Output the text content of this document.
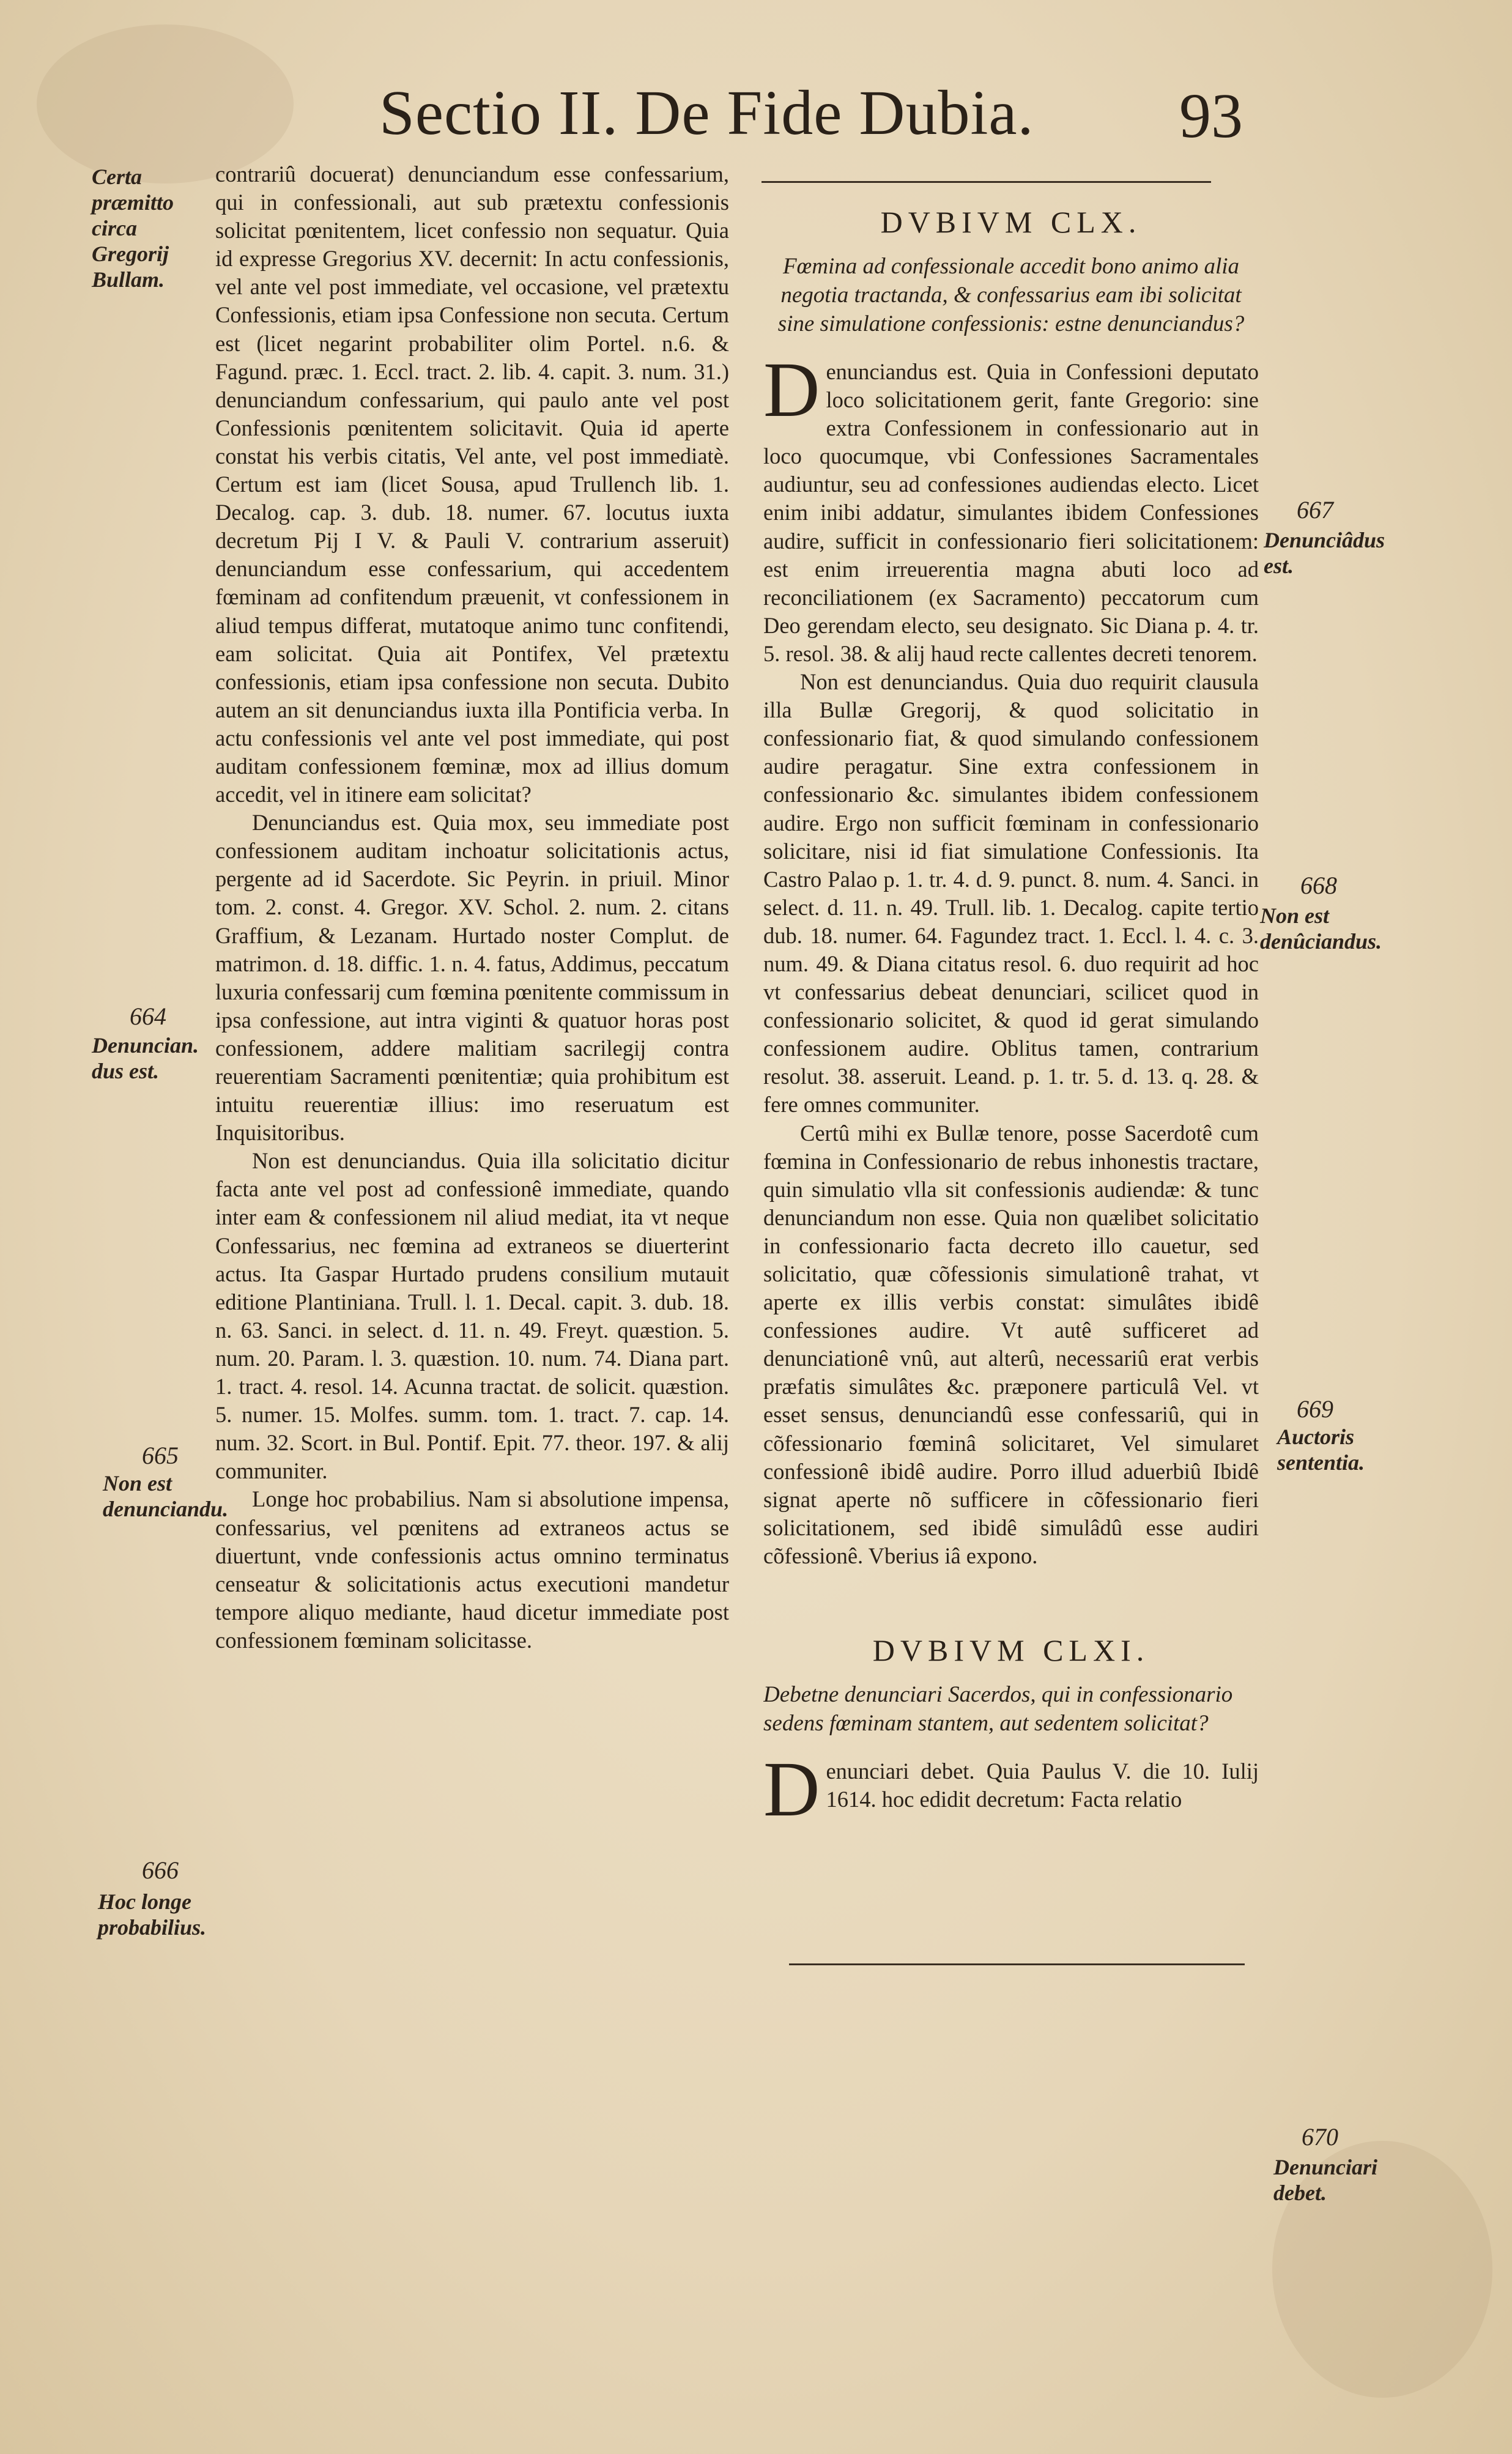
Sectio II. De Fide Dubia.	93
Certa præmitto circa Gregorij Bullam.
664
Denuncian. dus est.
665
Non est denunciandu.
666
Hoc longe probabilius.

contrariû docuerat) denunciandum esse confessarium, qui in confessionali, aut sub prætextu confessionis solicitat pœnitentem, licet confessio non sequatur. Quia id expresse Gregorius XV. decernit: In actu confessionis, vel ante vel post immediate, vel occasione, vel prætextu Confessionis, etiam ipsa Confessione non secuta. Certum est (licet negarint probabiliter olim Portel. n.6. & Fagund. præc. 1. Eccl. tract. 2. lib. 4. capit. 3. num. 31.) denunciandum confessarium, qui paulo ante vel post Confessionis pœnitentem solicitavit. Quia id aperte constat his verbis citatis, Vel ante, vel post immediatè. Certum est iam (licet Sousa, apud Trullench lib. 1. Decalog. cap. 3. dub. 18. numer. 67. locutus iuxta decretum Pij I V. & Pauli V. contrarium asseruit) denunciandum esse confessarium, qui accedentem fœminam ad confitendum præuenit, vt confessionem in aliud tempus differat, mutatoque animo tunc confitendi, eam solicitat. Quia ait Pontifex, Vel prætextu confessionis, etiam ipsa confessione non secuta. Dubito autem an sit denunciandus iuxta illa Pontificia verba. In actu confessionis vel ante vel post immediate, qui post auditam confessionem fœminæ, mox ad illius domum accedit, vel in itinere eam solicitat?

Denunciandus est. Quia mox, seu immediate post confessionem auditam inchoatur solicitationis actus, pergente ad id Sacerdote. Sic Peyrin. in priuil. Minor tom. 2. const. 4. Gregor. XV. Schol. 2. num. 2. citans Graffium, & Lezanam. Hurtado noster Complut. de matrimon. d. 18. diffic. 1. n. 4. fatus, Addimus, peccatum luxuria confessarij cum fœmina pœnitente commissum in ipsa confessione, aut intra viginti & quatuor horas post confessionem, addere malitiam sacrilegij contra reuerentiam Sacramenti pœnitentiæ; quia prohibitum est intuitu reuerentiæ illius: imo reseruatum est Inquisitoribus.

Non est denunciandus. Quia illa solicitatio dicitur facta ante vel post ad confessionê immediate, quando inter eam & confessionem nil aliud mediat, ita vt neque Confessarius, nec fœmina ad extraneos se diuerterint actus. Ita Gaspar Hurtado prudens consilium mutauit editione Plantiniana. Trull. l. 1. Decal. capit. 3. dub. 18. n. 63. Sanci. in select. d. 11. n. 49. Freyt. quæstion. 5. num. 20. Param. l. 3. quæstion. 10. num. 74. Diana part. 1. tract. 4. resol. 14. Acunna tractat. de solicit. quæstion. 5. numer. 15. Molfes. summ. tom. 1. tract. 7. cap. 14. num. 32. Scort. in Bul. Pontif. Epit. 77. theor. 197. & alij communiter.

Longe hoc probabilius. Nam si absolutione impensa, confessarius, vel pœnitens ad extraneos actus se diuertunt, vnde confessionis actus omnino terminatus censeatur & solicitationis actus executioni mandetur tempore aliquo mediante, haud dicetur immediate post confessionem fœminam solicitasse.

667
Denunciâdus est.
668
Non est denûciandus.
669
Auctoris sententia.
670
Denunciari debet.
DVBIVM CLX.
Fœmina ad confessionale accedit bono animo alia negotia tractanda, & confessarius eam ibi solicitat sine simulatione confessionis: estne denunciandus?

Denunciandus est. Quia in Confessioni deputato loco solicitationem gerit, fante Gregorio: sine extra Confessionem in confessionario aut in loco quocumque, vbi Confessiones Sacramentales audiuntur, seu ad confessiones audiendas electo. Licet enim inibi addatur, simulantes ibidem Confessiones audire, sufficit in confessionario fieri solicitationem: est enim irreuerentia magna abuti loco ad reconciliationem (ex Sacramento) peccatorum cum Deo gerendam electo, seu designato. Sic Diana p. 4. tr. 5. resol. 38. & alij haud recte callentes decreti tenorem.

Non est denunciandus. Quia duo requirit clausula illa Bullæ Gregorij, & quod solicitatio in confessionario fiat, & quod simulando confessionem audire peragatur. Sine extra confessionem in confessionario &c. simulantes ibidem confessionem audire. Ergo non sufficit fœminam in confessionario solicitare, nisi id fiat simulatione Confessionis. Ita Castro Palao p. 1. tr. 4. d. 9. punct. 8. num. 4. Sanci. in select. d. 11. n. 49. Trull. lib. 1. Decalog. capite tertio dub. 18. numer. 64. Fagundez tract. 1. Eccl. l. 4. c. 3. num. 49. & Diana citatus resol. 6. duo requirit ad hoc vt confessarius debeat denunciari, scilicet quod in confessionario solicitet, & quod id gerat simulando confessionem audire. Oblitus tamen, contrarium resolut. 38. asseruit. Leand. p. 1. tr. 5. d. 13. q. 28. & fere omnes communiter.

Certû mihi ex Bullæ tenore, posse Sacerdotê cum fœmina in Confessionario de rebus inhonestis tractare, quin simulatio vlla sit confessionis audiendæ: & tunc denunciandum non esse. Quia non quælibet solicitatio in confessionario facta decreto illo cauetur, sed solicitatio, quæ cõfessionis simulationê trahat, vt aperte ex illis verbis constat: simulâtes ibidê confessiones audire. Vt autê sufficeret ad denunciationê vnû, aut alterû, necessariû erat verbis præfatis simulâtes &c. præponere particulâ Vel. vt esset sensus, denunciandû esse confessariû, qui in cõfessionario fœminâ solicitaret, Vel simularet confessionê ibidê audire. Porro illud aduerbiû Ibidê signat aperte nõ sufficere in cõfessionario fieri solicitationem, sed ibidê simulâdû esse audiri cõfessionê. Vberius iâ expono.

DVBIVM CLXI.
Debetne denunciari Sacerdos, qui in confessionario sedens fœminam stantem, aut sedentem solicitat?

Denunciari debet. Quia Paulus V. die 10. Iulij 1614. hoc edidit decretum: Facta relatio
